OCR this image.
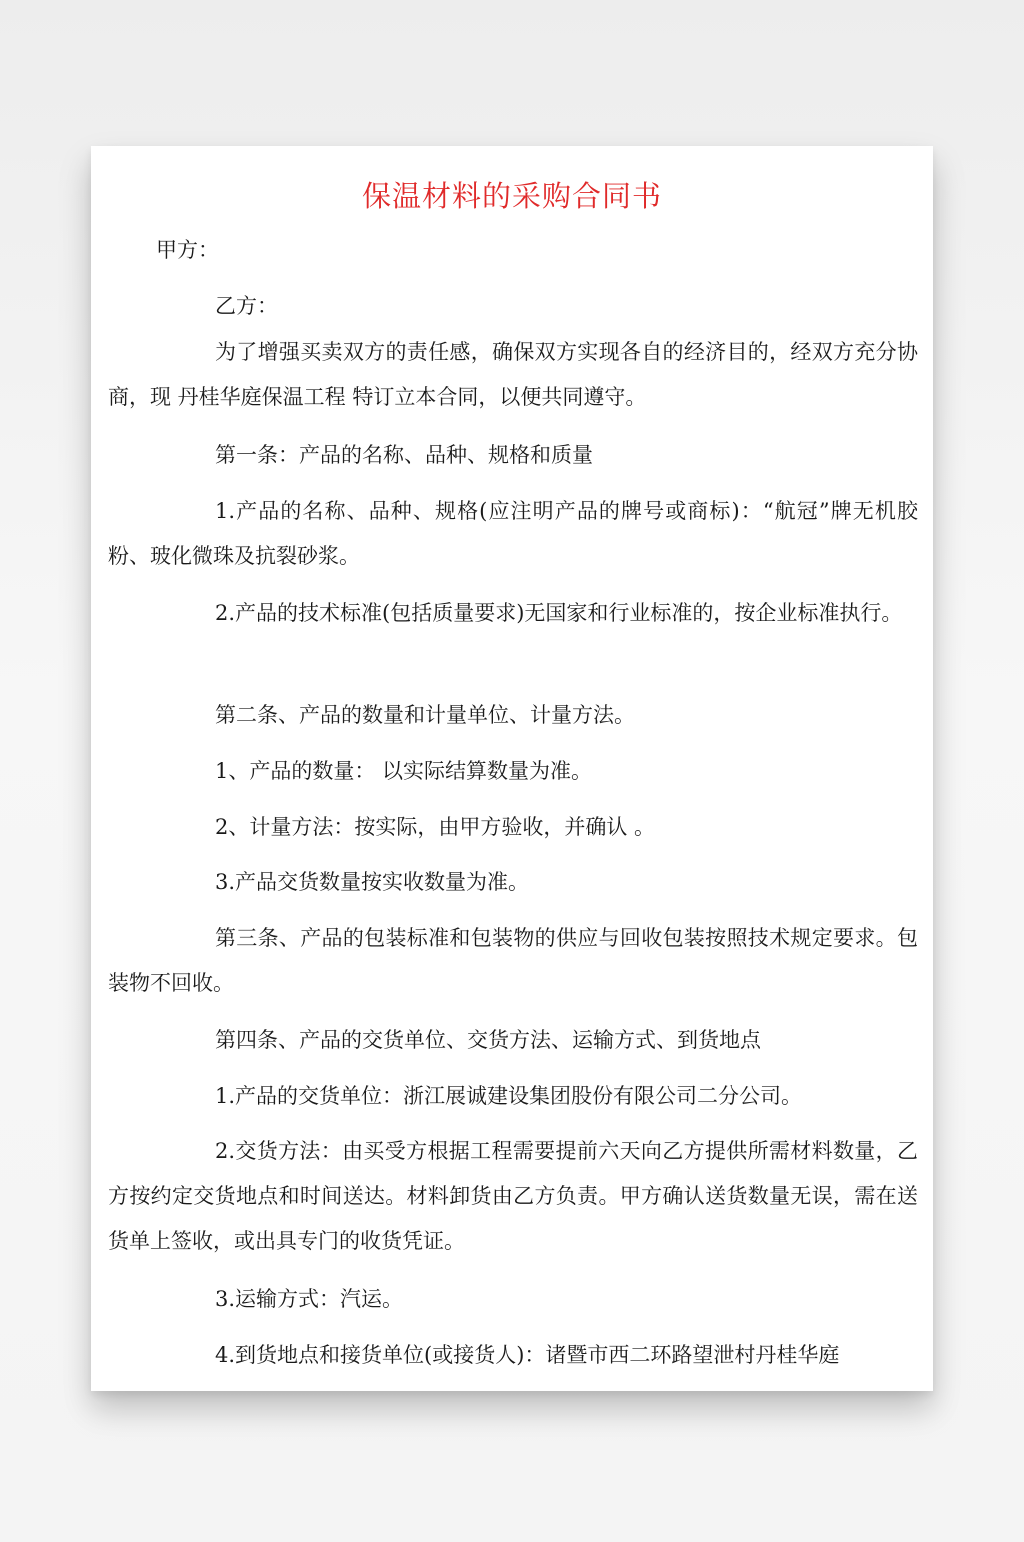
保温材料的采购合同书

甲方：

乙方：

为了增强买卖双方的责任感，确保双方实现各自的经济目的，经双方充分协商，现 丹桂华庭保温工程 特订立本合同，以便共同遵守。

第一条：产品的名称、品种、规格和质量

1.产品的名称、品种、规格(应注明产品的牌号或商标)：“航冠”牌无机胶粉、玻化微珠及抗裂砂浆。

2.产品的技术标准(包括质量要求)无国家和行业标准的，按企业标准执行。

第二条、产品的数量和计量单位、计量方法。

1、产品的数量： 以实际结算数量为准。

2、计量方法：按实际，由甲方验收，并确认 。

3.产品交货数量按实收数量为准。

第三条、产品的包装标准和包装物的供应与回收包装按照技术规定要求。包装物不回收。

第四条、产品的交货单位、交货方法、运输方式、到货地点

1.产品的交货单位：浙江展诚建设集团股份有限公司二分公司。

2.交货方法：由买受方根据工程需要提前六天向乙方提供所需材料数量，乙方按约定交货地点和时间送达。材料卸货由乙方负责。甲方确认送货数量无误，需在送货单上签收，或出具专门的收货凭证。

3.运输方式：汽运。

4.到货地点和接货单位(或接货人)：诸暨市西二环路望泄村丹桂华庭
